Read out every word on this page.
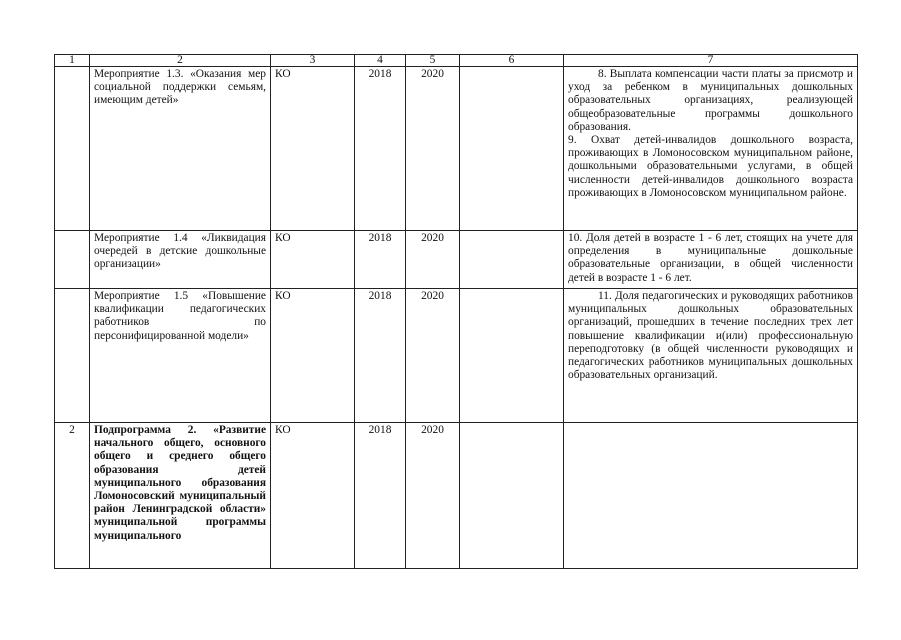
1	2	3	4	5	6	7
	Мероприятие 1.3. «Оказания мер социальной поддержки семьям, имеющим детей»	КО	2018	2020		8. Выплата компенсации части платы за присмотр и уход за ребенком в муниципальных дошкольных образовательных организациях, реализующей общеобразовательные программы дошкольного образования.
9. Охват детей-инвалидов дошкольного возраста, проживающих в Ломоносовском муниципальном районе, дошкольными образовательными услугами, в общей численности детей-инвалидов дошкольного возраста проживающих в Ломоносовском муниципальном районе.

	Мероприятие 1.4 «Ликвидация очередей в детские дошкольные организации»	КО	2018	2020		10. Доля детей в возрасте 1 - 6 лет, стоящих на учете для определения в муниципальные дошкольные образовательные организации, в общей численности детей в возрасте 1 - 6 лет.

	Мероприятие 1.5 «Повышение квалификации педагогических работников по персонифицированной модели»	КО	2018	2020		11. Доля педагогических и руководящих работников муниципальных дошкольных образовательных организаций, прошедших в течение последних трех лет повышение квалификации и(или) профессиональную переподготовку (в общей численности руководящих и педагогических работников муниципальных дошкольных образовательных организаций.

2	Подпрограмма 2. «Развитие начального общего, основного общего и среднего общего образования детей муниципального образования Ломоносовский муниципальный район Ленинградской области» муниципальной программы муниципального	КО	2018	2020		
